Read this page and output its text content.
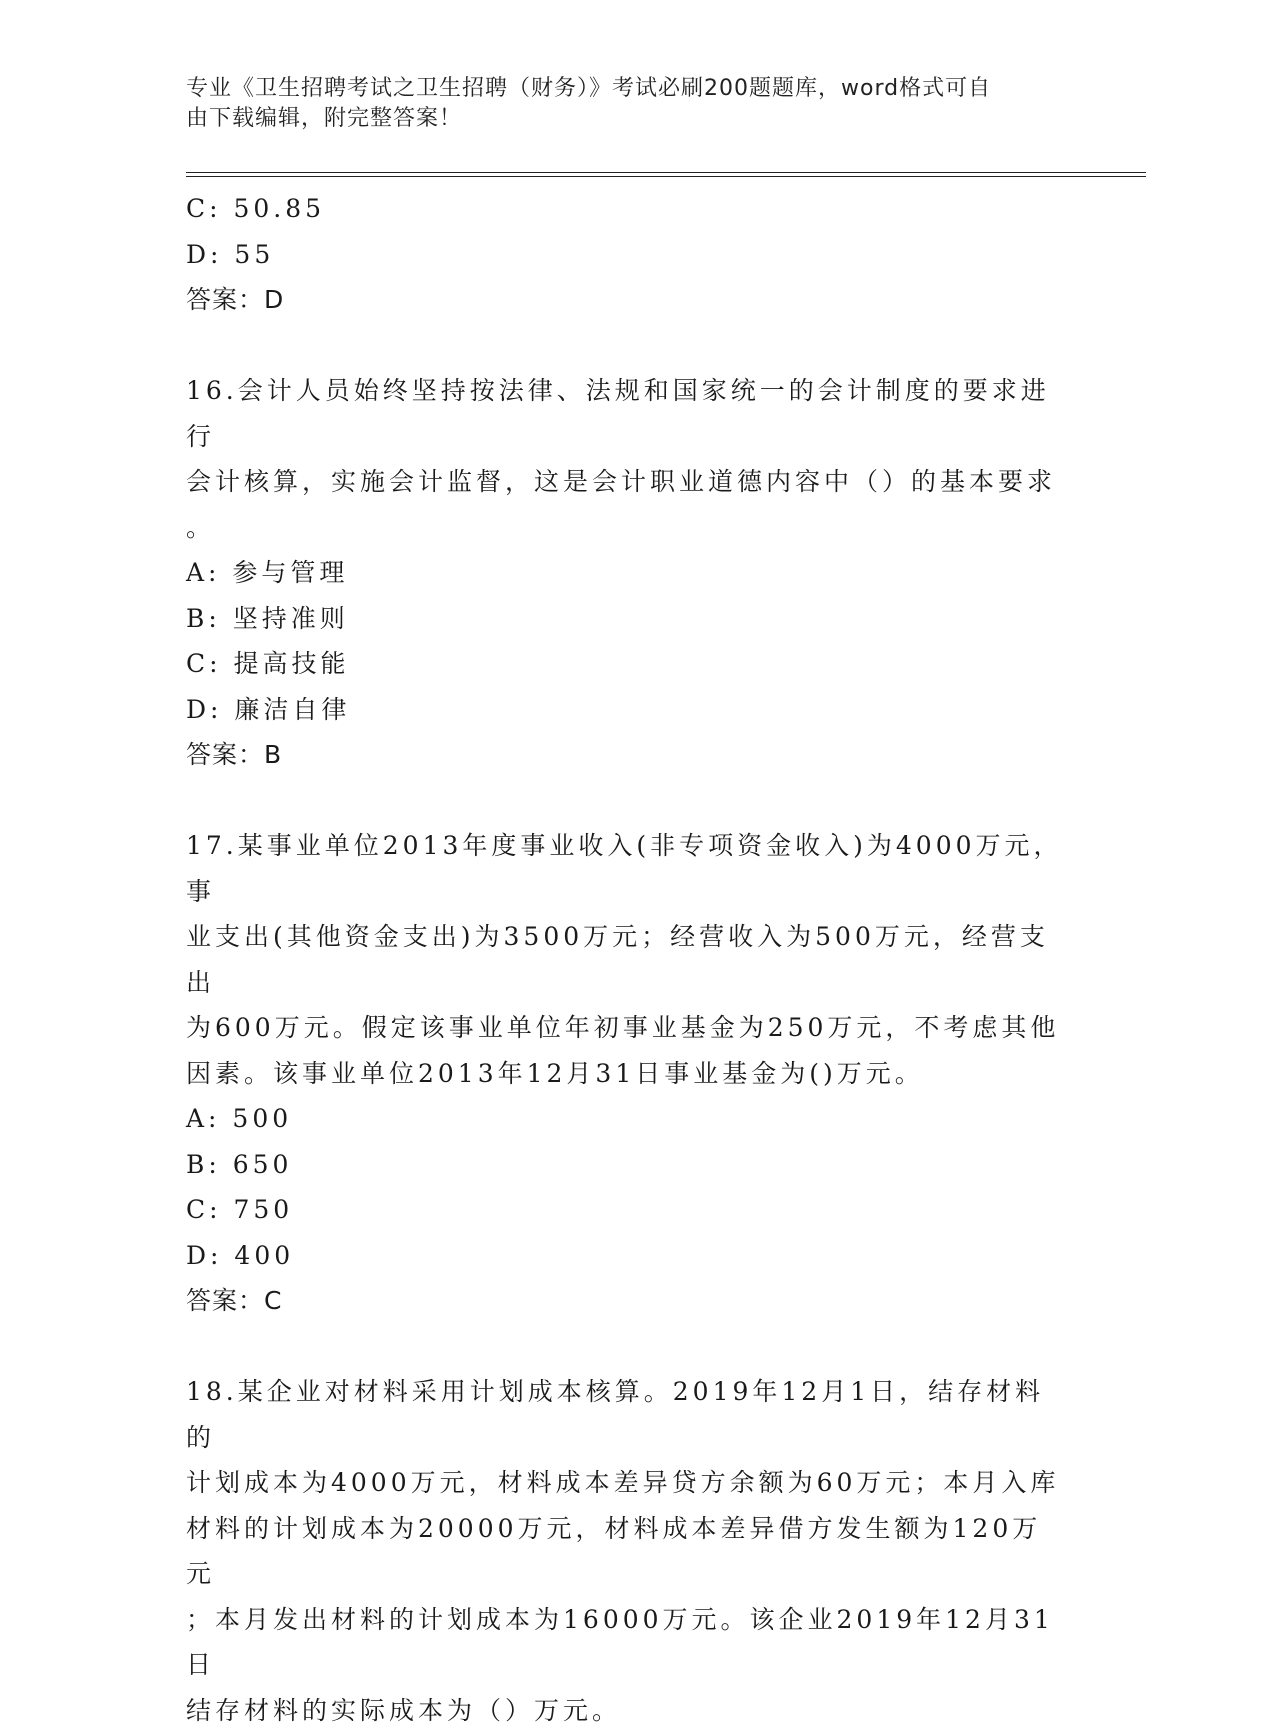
专业《卫生招聘考试之卫生招聘（财务）》考试必刷200题题库，word格式可自
由下载编辑，附完整答案！
C: 50.85
D: 55
答案：D
16.会计人员始终坚持按法律、法规和国家统一的会计制度的要求进行
会计核算，实施会计监督，这是会计职业道德内容中（）的基本要求
。
A: 参与管理
B: 坚持准则
C: 提高技能
D: 廉洁自律
答案：B
17.某事业单位2013年度事业收入(非专项资金收入)为4000万元，事
业支出(其他资金支出)为3500万元；经营收入为500万元，经营支出
为600万元。假定该事业单位年初事业基金为250万元，不考虑其他
因素。该事业单位2013年12月31日事业基金为()万元。
A: 500
B: 650
C: 750
D: 400
答案：C
18.某企业对材料采用计划成本核算。2019年12月1日，结存材料的
计划成本为4000万元，材料成本差异贷方余额为60万元；本月入库
材料的计划成本为20000万元，材料成本差异借方发生额为120万元
；本月发出材料的计划成本为16000万元。该企业2019年12月31日
结存材料的实际成本为（）万元。
